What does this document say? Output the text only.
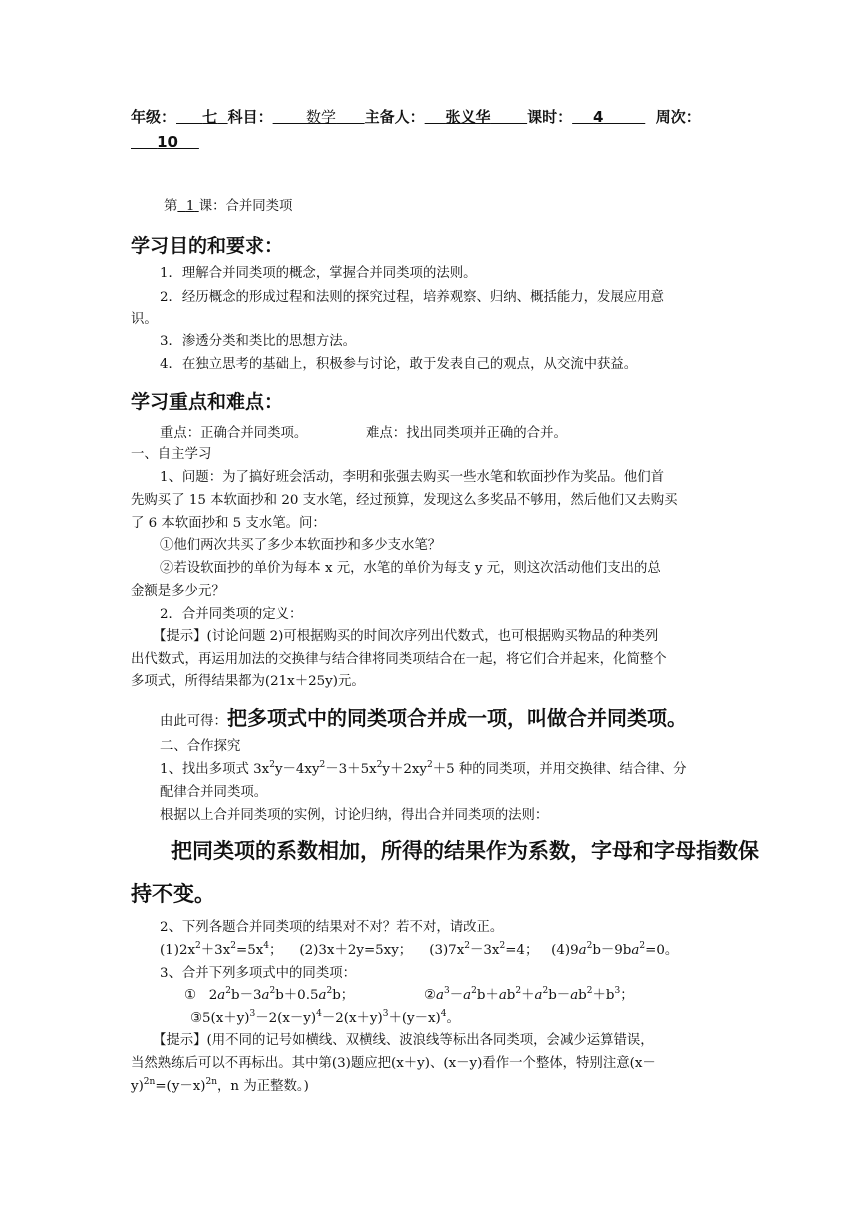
年级： 七 科目： 数学 主备人： 张义华 课时： 4	周次：
10
第 1 课：合并同类项
学习目的和要求：
1．理解合并同类项的概念，掌握合并同类项的法则。
2．经历概念的形成过程和法则的探究过程，培养观察、归纳、概括能力，发展应用意
识。
3．渗透分类和类比的思想方法。
4．在独立思考的基础上，积极参与讨论，敢于发表自己的观点，从交流中获益。
学习重点和难点：
重点：正确合并同类项。	难点：找出同类项并正确的合并。
一、自主学习
1、问题：为了搞好班会活动，李明和张强去购买一些水笔和软面抄作为奖品。他们首
先购买了 15 本软面抄和 20 支水笔，经过预算，发现这么多奖品不够用，然后他们又去购买
了 6 本软面抄和 5 支水笔。问：
①他们两次共买了多少本软面抄和多少支水笔？
②若设软面抄的单价为每本 x 元，水笔的单价为每支 y 元，则这次活动他们支出的总
金额是多少元？
2．合并同类项的定义：
【提示】(讨论问题 2)可根据购买的时间次序列出代数式，也可根据购买物品的种类列
出代数式，再运用加法的交换律与结合律将同类项结合在一起，将它们合并起来，化简整个
多项式，所得结果都为(21x＋25y)元。
由此可得：把多项式中的同类项合并成一项，叫做合并同类项。
二、合作探究
1、找出多项式 $3x^2y-4xy^2-3+5x^2y+2xy^2+5$ 种的同类项，并用交换律、结合律、分
配律合并同类项。
根据以上合并同类项的实例，讨论归纳，得出合并同类项的法则：
把同类项的系数相加，所得的结果作为系数，字母和字母指数保
持不变。
2、下列各题合并同类项的结果对不对？若不对，请改正。
$(1)2x^2+3x^2=5x^4$；    (2)3x＋2y=5xy；    $(3)7x^2-3x^2=4$；   $(4)9a^2b-9ba^2=0$。
3、合并下列多项式中的同类项：
①   $2a^2b-3a^2b+0.5a^2b$；	$②a^3-a^2b+ab^2+a^2b-ab^2+b^3$；
$③5(x+y)^3-2(x-y)^4-2(x+y)^3+(y-x)^4$。
【提示】(用不同的记号如横线、双横线、波浪线等标出各同类项，会减少运算错误，
当然熟练后可以不再标出。其中第(3)题应把(x＋y)、(x－y)看作一个整体，特别注意(x－
$y)^{2n}=(y-x)^{2n}$，n 为正整数。)
